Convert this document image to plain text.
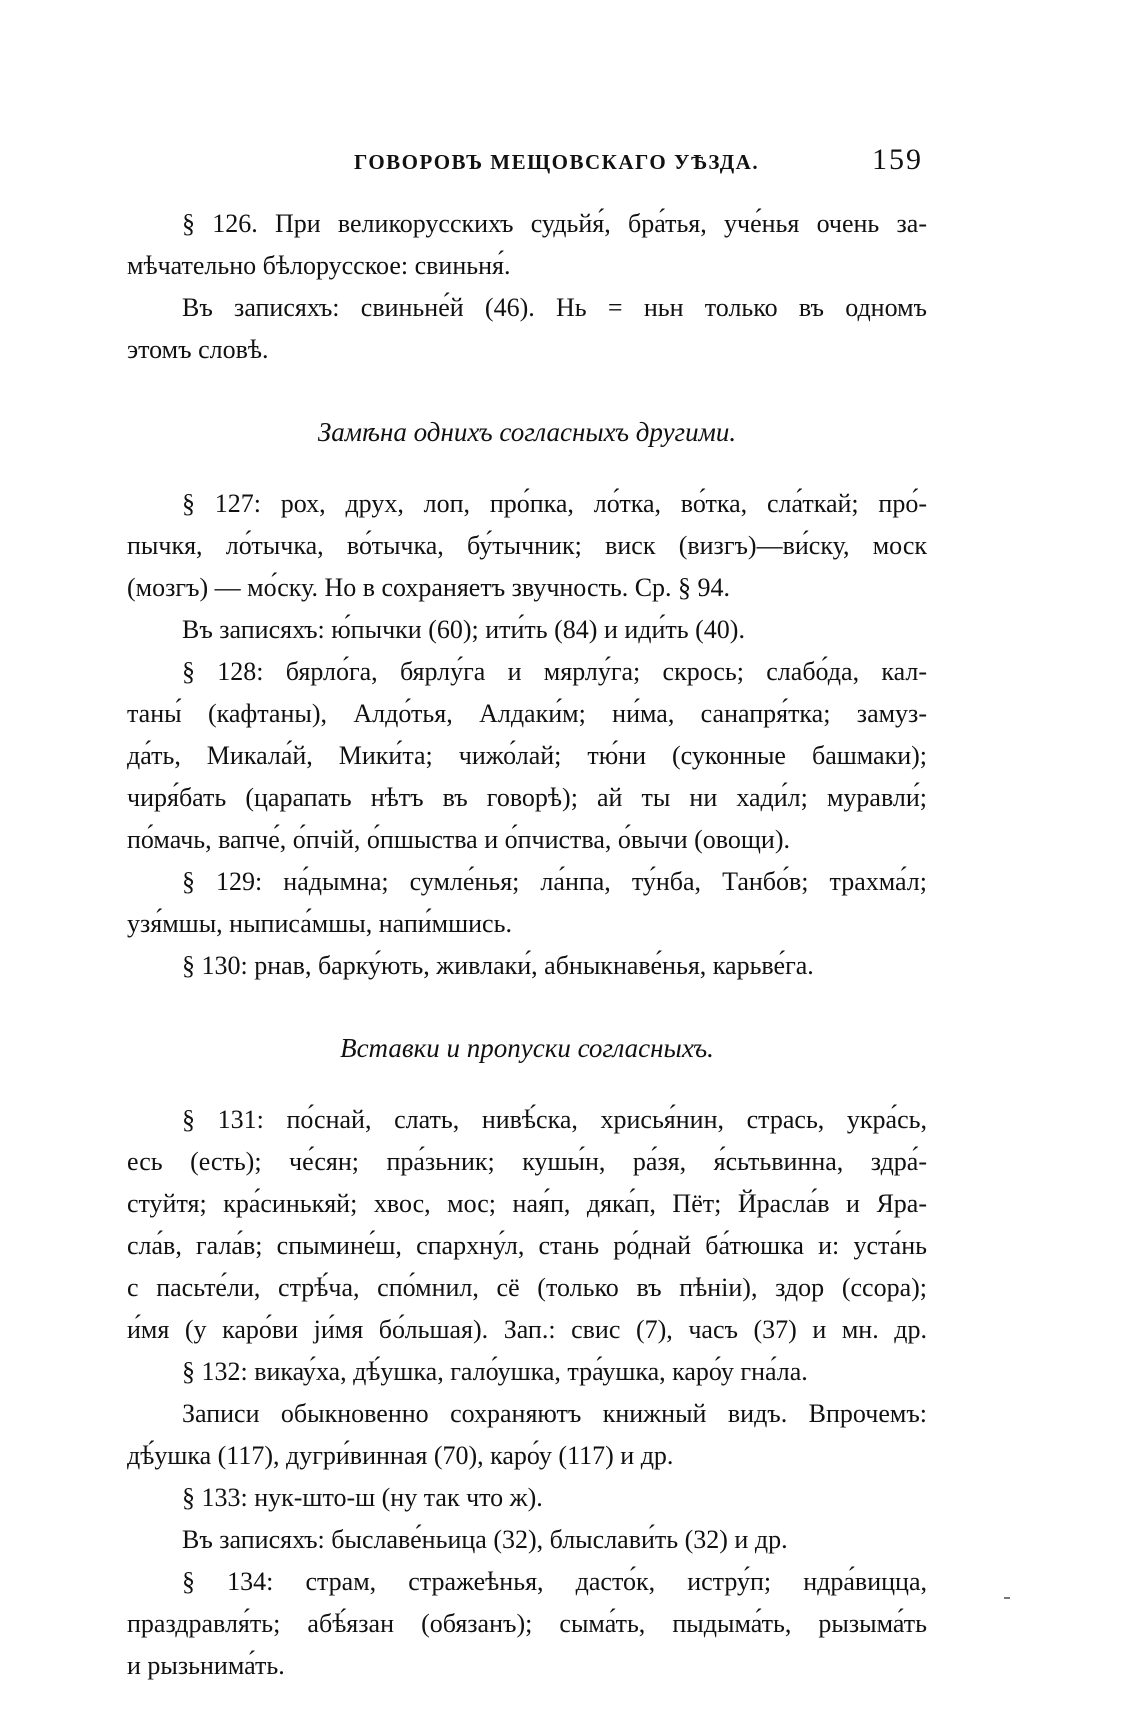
ГОВОРОВЪ МЕЩОВСКАГО УѢЗДА.	159
§ 126. При великорусскихъ судьйя́, бра́тья, уче́нья очень за-
мѣчательно бѣлорусское: свиньня́.
Въ записяхъ: свиньне́й (46). Нь = ньн только въ одномъ
этомъ словѣ.
Замѣна однихъ согласныхъ другими.
§ 127: рох, друх, лоп, про́пка, ло́тка, во́тка, сла́ткай; про́-
пычкя, ло́тычка, во́тычка, бу́тычник; виск (визгъ)—ви́ску, моск
(мозгъ) — мо́ску. Но в сохраняетъ звучность. Ср. § 94.
Въ записяхъ: ю́пычки (60); ити́ть (84) и иди́ть (40).
§ 128: бярло́га, бярлу́га и мярлу́га; скрось; слабо́да, кал-
таны́ (кафтаны), Алдо́тья, Алдаки́м; ни́ма, санапря́тка; замуз-
да́ть, Микала́й, Мики́та; чижо́лай; тю́ни (суконные башмаки);
чиря́бать (царапать нѣтъ въ говорѣ); ай ты ни хади́л; муравли́;
по́мачь, вапче́, о́пчій, о́пшыства и о́пчиства, о́вычи (овощи).
§ 129: на́дымна; сумле́нья; ла́нпа, ту́нба, Танбо́в; трахма́л;
узя́мшы, ныписа́мшы, напи́мшись.
§ 130: рнав, барку́ють, живлаки́, абныкнаве́нья, карьве́га.
Вставки и пропуски согласныхъ.
§ 131: по́снай, слать, нивѣ́ска, хрисья́нин, стрась, укра́сь,
есь (есть); че́сян; пра́зьник; кушы́н, ра́зя, я́сьтьвинна, здра́-
стуйтя; кра́синькяй; хвос, мос; ная́п, дяка́п, Пёт; Йрасла́в и Яра-
сла́в, гала́в; спымине́ш, спархну́л, стань ро́днай ба́тюшка и: уста́нь
с пасьте́ли, стрѣ́ча, спо́мнил, сё (только въ пѣніи), здор (ссора);
и́мя (у каро́ви ји́мя бо́льшая). Зап.: свис (7), часъ (37) и мн. др.
§ 132: викау́ха, дѣ́ушка, гало́ушка, тра́ушка, каро́у гна́ла.
Записи обыкновенно сохраняютъ книжный видъ. Впрочемъ:
дѣ́ушка (117), дугри́винная (70), каро́у (117) и др.
§ 133: нук-што-ш (ну так что ж).
Въ записяхъ: быславе́ньица (32), блыслави́ть (32) и др.
§ 134: страм, стражеѣнья, дасто́к, истру́п; ндра́вицца,
праздравля́ть; абѣ́язан (обязанъ); сыма́ть, пыдыма́ть, рызыма́ть
и рызьнима́ть.
